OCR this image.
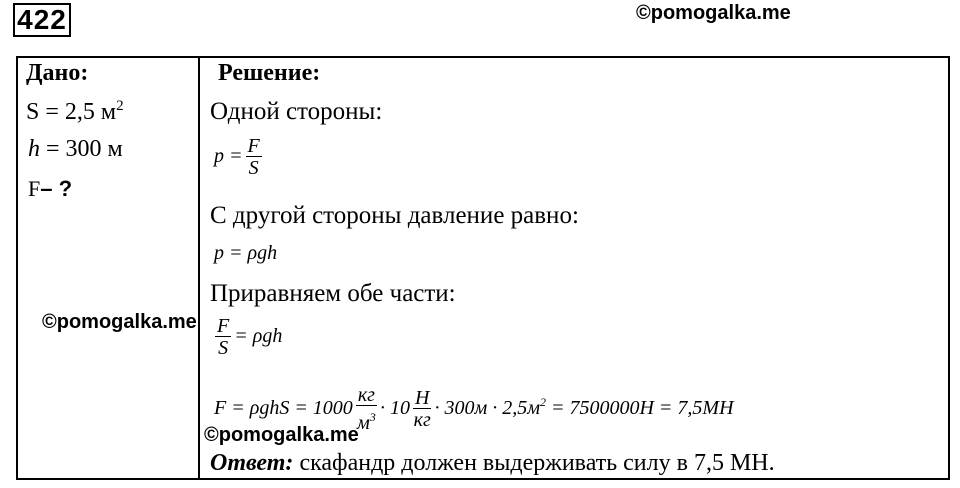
422	©pomogalka.me
Дано:
S = 2,5 $м^2$
h = 300 м
F– ?
©pomogalka.me
Решение:
Одной стороны:
$p = \frac{F}{S}$
С другой стороны давление равно:
p = ρgh
Приравняем обе части:
$\frac{F}{S} = \rho gh$
$F = \rho ghS = 1000 \frac{кг}{м^3} \cdot 10 \frac{Н}{кг} \cdot 300м \cdot 2,5м^2 = 7500000Н = 7,5МН$
©pomogalka.me
Ответ: скафандр должен выдерживать силу в 7,5 МН.
